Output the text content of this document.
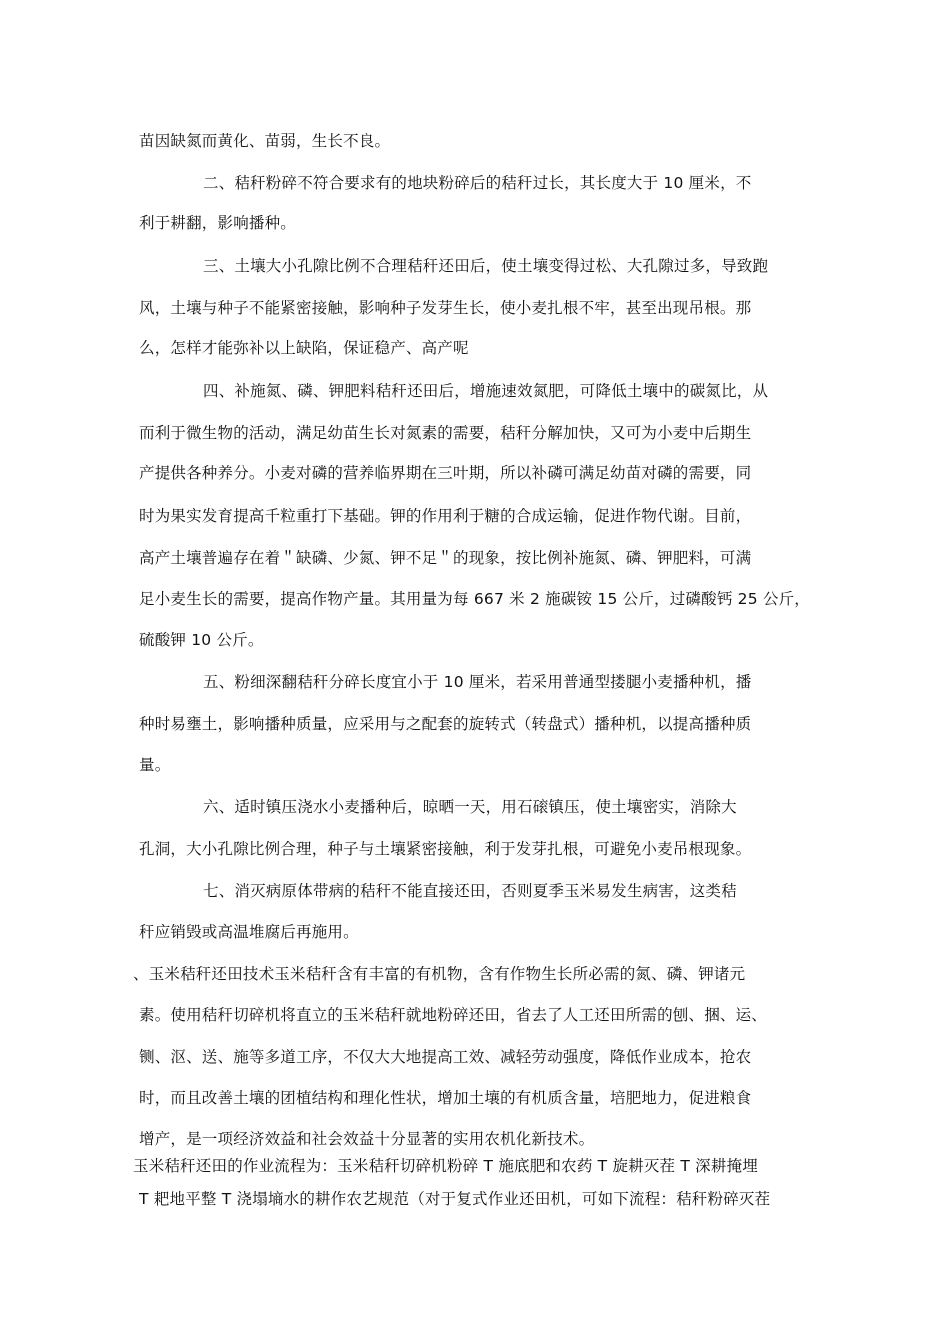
苗因缺氮而黄化、苗弱，生长不良。
二、秸秆粉碎不符合要求有的地块粉碎后的秸秆过长，其长度大于 10 厘米，不
利于耕翻，影响播种。
三、土壤大小孔隙比例不合理秸秆还田后，使土壤变得过松、大孔隙过多，导致跑
风，土壤与种子不能紧密接触，影响种子发芽生长，使小麦扎根不牢，甚至出现吊根。那
么，怎样才能弥补以上缺陷，保证稳产、高产呢
四、补施氮、磷、钾肥料秸秆还田后，增施速效氮肥，可降低土壤中的碳氮比，从
而利于微生物的活动，满足幼苗生长对氮素的需要，秸秆分解加快，又可为小麦中后期生
产提供各种养分。小麦对磷的营养临界期在三叶期，所以补磷可满足幼苗对磷的需要，同
时为果实发育提高千粒重打下基础。钾的作用利于糖的合成运输，促进作物代谢。目前，
高产土壤普遍存在着＂缺磷、少氮、钾不足＂的现象，按比例补施氮、磷、钾肥料，可满
足小麦生长的需要，提高作物产量。其用量为每 667 米 2 施碳铵 15 公斤，过磷酸钙 25 公斤，
硫酸钾 10 公斤。
五、粉细深翻秸秆分碎长度宜小于 10 厘米，若采用普通型搂腿小麦播种机，播
种时易壅土，影响播种质量，应采用与之配套的旋转式（转盘式）播种机，以提高播种质
量。
六、适时镇压浇水小麦播种后，晾晒一天，用石磙镇压，使土壤密实，消除大
孔洞，大小孔隙比例合理，种子与土壤紧密接触，利于发芽扎根，可避免小麦吊根现象。
七、消灭病原体带病的秸秆不能直接还田，否则夏季玉米易发生病害，这类秸
秆应销毁或高温堆腐后再施用。
、玉米秸秆还田技术玉米秸秆含有丰富的有机物，含有作物生长所必需的氮、磷、钾诸元
素。使用秸秆切碎机将直立的玉米秸秆就地粉碎还田，省去了人工还田所需的刨、捆、运、
铡、沤、送、施等多道工序，不仅大大地提高工效、减轻劳动强度，降低作业成本，抢农
时，而且改善土壤的团植结构和理化性状，增加土壤的有机质含量，培肥地力，促进粮食
增产，是一项经济效益和社会效益十分显著的实用农机化新技术。
玉米秸秆还田的作业流程为：玉米秸秆切碎机粉碎 T 施底肥和农药 T 旋耕灭茬 T 深耕掩埋
T 耙地平整 T 浇塌墒水的耕作农艺规范（对于复式作业还田机，可如下流程：秸秆粉碎灭茬
